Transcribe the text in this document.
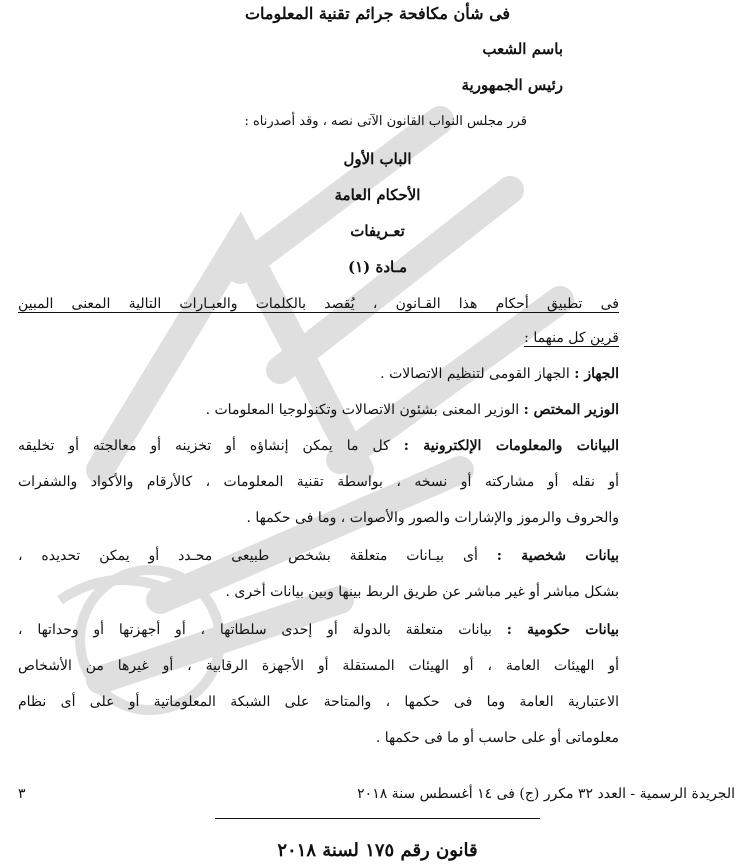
فى شأن مكافحة جرائم تقنية المعلومات
باسم الشعب
رئيس الجمهورية
قرر مجلس النواب القانون الآتى نصه ، وقد أصدرناه :
الباب الأول
الأحكام العامة
تعـريفات
مـادة (١)
فى تطبيق أحكام هذا القـانون ، يُقصد بالكلمات والعبـارات التالية المعنى المبين
قرين كل منهما :
الجهاز : الجهاز القومى لتنظيم الاتصالات .
الوزير المختص : الوزير المعنى بشئون الاتصالات وتكنولوجيا المعلومات .
البيانات والمعلومات الإلكترونية : كل ما يمكن إنشاؤه أو تخزينه أو معالجته أو تخليقه
أو نقله أو مشاركته أو نسخه ، بواسطة تقنية المعلومات ، كالأرقام والأكواد والشفرات
والحروف والرموز والإشارات والصور والأصوات ، وما فى حكمها .
بيانات شخصية : أى بيـانات متعلقة بشخص طبيعى محـدد أو يمكن تحديده ،
بشكل مباشر أو غير مباشر عن طريق الربط بينها وبين بيانات أخرى .
بيانات حكومية : بيانات متعلقة بالدولة أو إحدى سلطاتها ، أو أجهزتها أو وحداتها ،
أو الهيئات العامة ، أو الهيئات المستقلة أو الأجهزة الرقابية ، أو غيرها من الأشخاص
الاعتبارية العامة وما فى حكمها ، والمتاحة على الشبكة المعلوماتية أو على أى نظام
معلوماتى أو على حاسب أو ما فى حكمها .
الجريدة الرسمية - العدد ٣٢ مكرر (ج) فى ١٤ أغسطس سنة ٢٠١٨
٣
قانون رقم ١٧٥ لسنة ٢٠١٨
